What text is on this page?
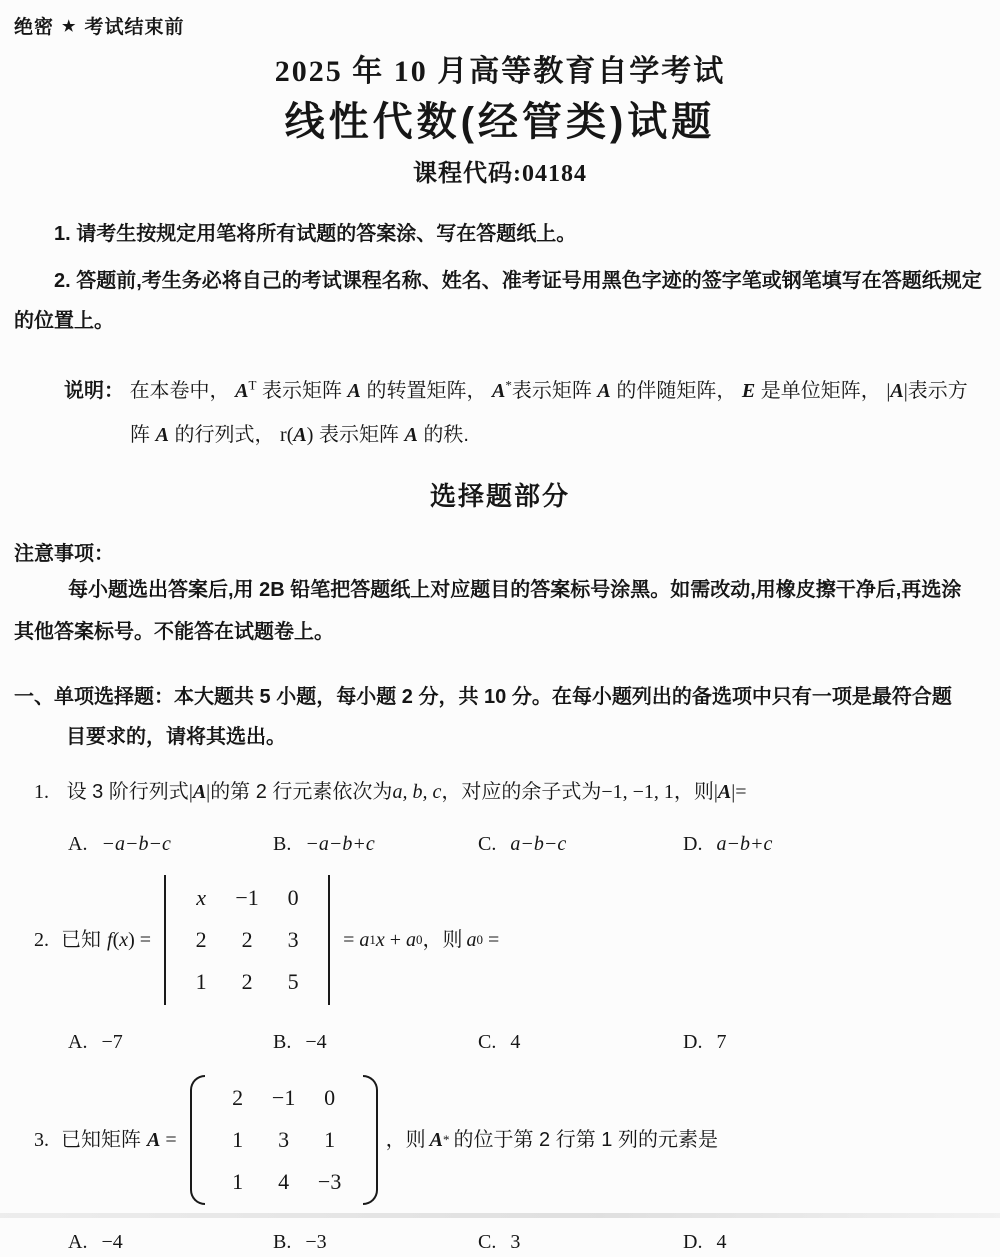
绝密 ★ 考试结束前
2025 年 10 月高等教育自学考试
线性代数(经管类)试题
课程代码:04184
1. 请考生按规定用笔将所有试题的答案涂、写在答题纸上。
2. 答题前,考生务必将自己的考试课程名称、姓名、准考证号用黑色字迹的签字笔或钢笔填写在答题纸规定的位置上。
说明： 在本卷中， $A^T$ 表示矩阵 A 的转置矩阵， A*表示矩阵 A 的伴随矩阵， E 是单位矩阵， |A|表示方阵 A 的行列式， r(A) 表示矩阵 A 的秩.
选择题部分
注意事项：
每小题选出答案后,用 2B 铅笔把答题纸上对应题目的答案标号涂黑。如需改动,用橡皮擦干净后,再选涂其他答案标号。不能答在试题卷上。
一、单项选择题：本大题共 5 小题，每小题 2 分，共 10 分。在每小题列出的备选项中只有一项是最符合题目要求的，请将其选出。
1. 设 3 阶行列式|A|的第 2 行元素依次为a, b, c，对应的余子式为−1, −1, 1，则|A|=
A. −a−b−c	B. −a−b+c	C. a−b−c	D. a−b+c
2. 已知 f ( x ) =
x	−1	0
2	2	3
1	2	5
= a 1 x + a 0 ，则 a 0 =
A. −7	B. −4	C. 4	D. 7
3. 已知矩阵 A =
2	−1	0
1	3	1
1	4	−3
，则 A * 的位于第 2 行第 1 列的元素是
A. −4	B. −3	C. 3	D. 4
